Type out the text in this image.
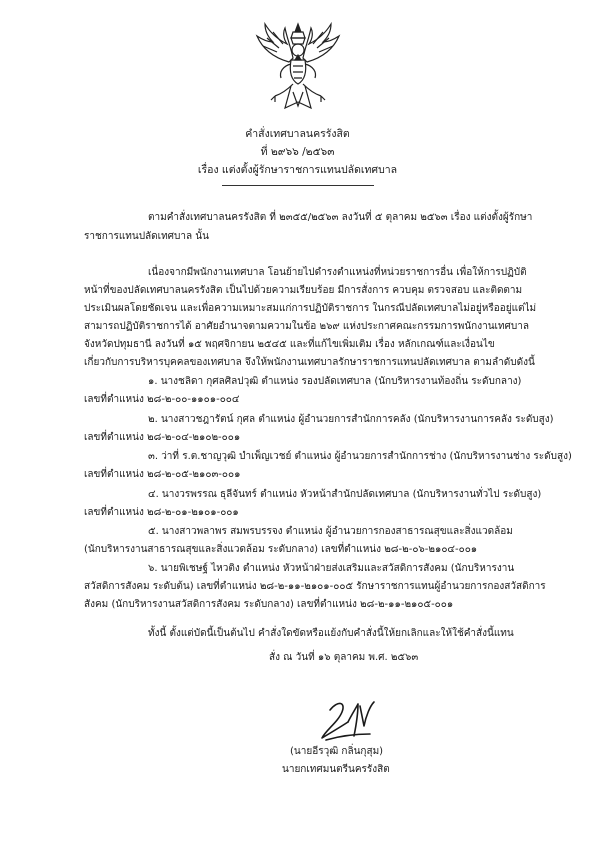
คำสั่งเทศบาลนครรังสิต
ที่ ๒๙๖๖ /๒๕๖๓
เรื่อง แต่งตั้งผู้รักษาราชการแทนปลัดเทศบาล
ตามคำสั่งเทศบาลนครรังสิต ที่ ๒๓๕๕/๒๕๖๓ ลงวันที่ ๕ ตุลาคม ๒๕๖๓ เรื่อง แต่งตั้งผู้รักษา
ราชการแทนปลัดเทศบาล นั้น
เนื่องจากมีพนักงานเทศบาล โอนย้ายไปดำรงตำแหน่งที่หน่วยราชการอื่น เพื่อให้การปฏิบัติ
หน้าที่ของปลัดเทศบาลนครรังสิต เป็นไปด้วยความเรียบร้อย มีการสั่งการ ควบคุม ตรวจสอบ และติดตาม
ประเมินผลโดยชัดเจน และเพื่อความเหมาะสมแก่การปฏิบัติราชการ ในกรณีปลัดเทศบาลไม่อยู่หรืออยู่แต่ไม่
สามารถปฏิบัติราชการได้ อาศัยอำนาจตามความในข้อ ๒๖๙ แห่งประกาศคณะกรรมการพนักงานเทศบาล
จังหวัดปทุมธานี ลงวันที่ ๑๕ พฤศจิกายน ๒๕๔๕ และที่แก้ไขเพิ่มเติม เรื่อง หลักเกณฑ์และเงื่อนไข
เกี่ยวกับการบริหารบุคคลของเทศบาล จึงให้พนักงานเทศบาลรักษาราชการแทนปลัดเทศบาล ตามลำดับดังนี้
๑. นางชลิดา กุศลศิลปวุฒิ ตำแหน่ง รองปลัดเทศบาล (นักบริหารงานท้องถิ่น ระดับกลาง)
เลขที่ตำแหน่ง ๒๘-๒-๐๐-๑๑๐๑-๐๐๔
๒. นางสาวชฎารัตน์ กุศล ตำแหน่ง ผู้อำนวยการสำนักการคลัง (นักบริหารงานการคลัง ระดับสูง)
เลขที่ตำแหน่ง ๒๘-๒-๐๔-๒๑๐๒-๐๐๑
๓. ว่าที่ ร.ต.ชาญวุฒิ บำเพ็ญเวชย์ ตำแหน่ง ผู้อำนวยการสำนักการช่าง (นักบริหารงานช่าง ระดับสูง)
เลขที่ตำแหน่ง ๒๘-๒-๐๕-๒๑๐๓-๐๐๑
๔. นางวรพรรณ ธุลีจันทร์ ตำแหน่ง หัวหน้าสำนักปลัดเทศบาล (นักบริหารงานทั่วไป ระดับสูง)
เลขที่ตำแหน่ง ๒๘-๒-๐๑-๒๑๐๑-๐๐๑
๕. นางสาวพลาพร สมพรบรรจง ตำแหน่ง ผู้อำนวยการกองสาธารณสุขและสิ่งแวดล้อม
(นักบริหารงานสาธารณสุขและสิ่งแวดล้อม ระดับกลาง) เลขที่ตำแหน่ง ๒๘-๒-๐๖-๒๑๐๔-๐๐๑
๖. นายพิเชษฐ์ ไหวติง ตำแหน่ง หัวหน้าฝ่ายส่งเสริมและสวัสดิการสังคม (นักบริหารงาน
สวัสดิการสังคม ระดับต้น) เลขที่ตำแหน่ง ๒๘-๒-๑๑-๒๑๐๑-๐๐๕ รักษาราชการแทนผู้อำนวยการกองสวัสดิการ
สังคม (นักบริหารงานสวัสดิการสังคม ระดับกลาง) เลขที่ตำแหน่ง ๒๘-๒-๑๑-๒๑๐๕-๐๐๑
ทั้งนี้ ตั้งแต่บัดนี้เป็นต้นไป คำสั่งใดขัดหรือแย้งกับคำสั่งนี้ให้ยกเลิกและให้ใช้คำสั่งนี้แทน
สั่ง ณ วันที่ ๑๖ ตุลาคม พ.ศ. ๒๕๖๓
(นายอีรวุฒิ กลิ่นกุสุม)
นายกเทศมนตรีนครรังสิต
